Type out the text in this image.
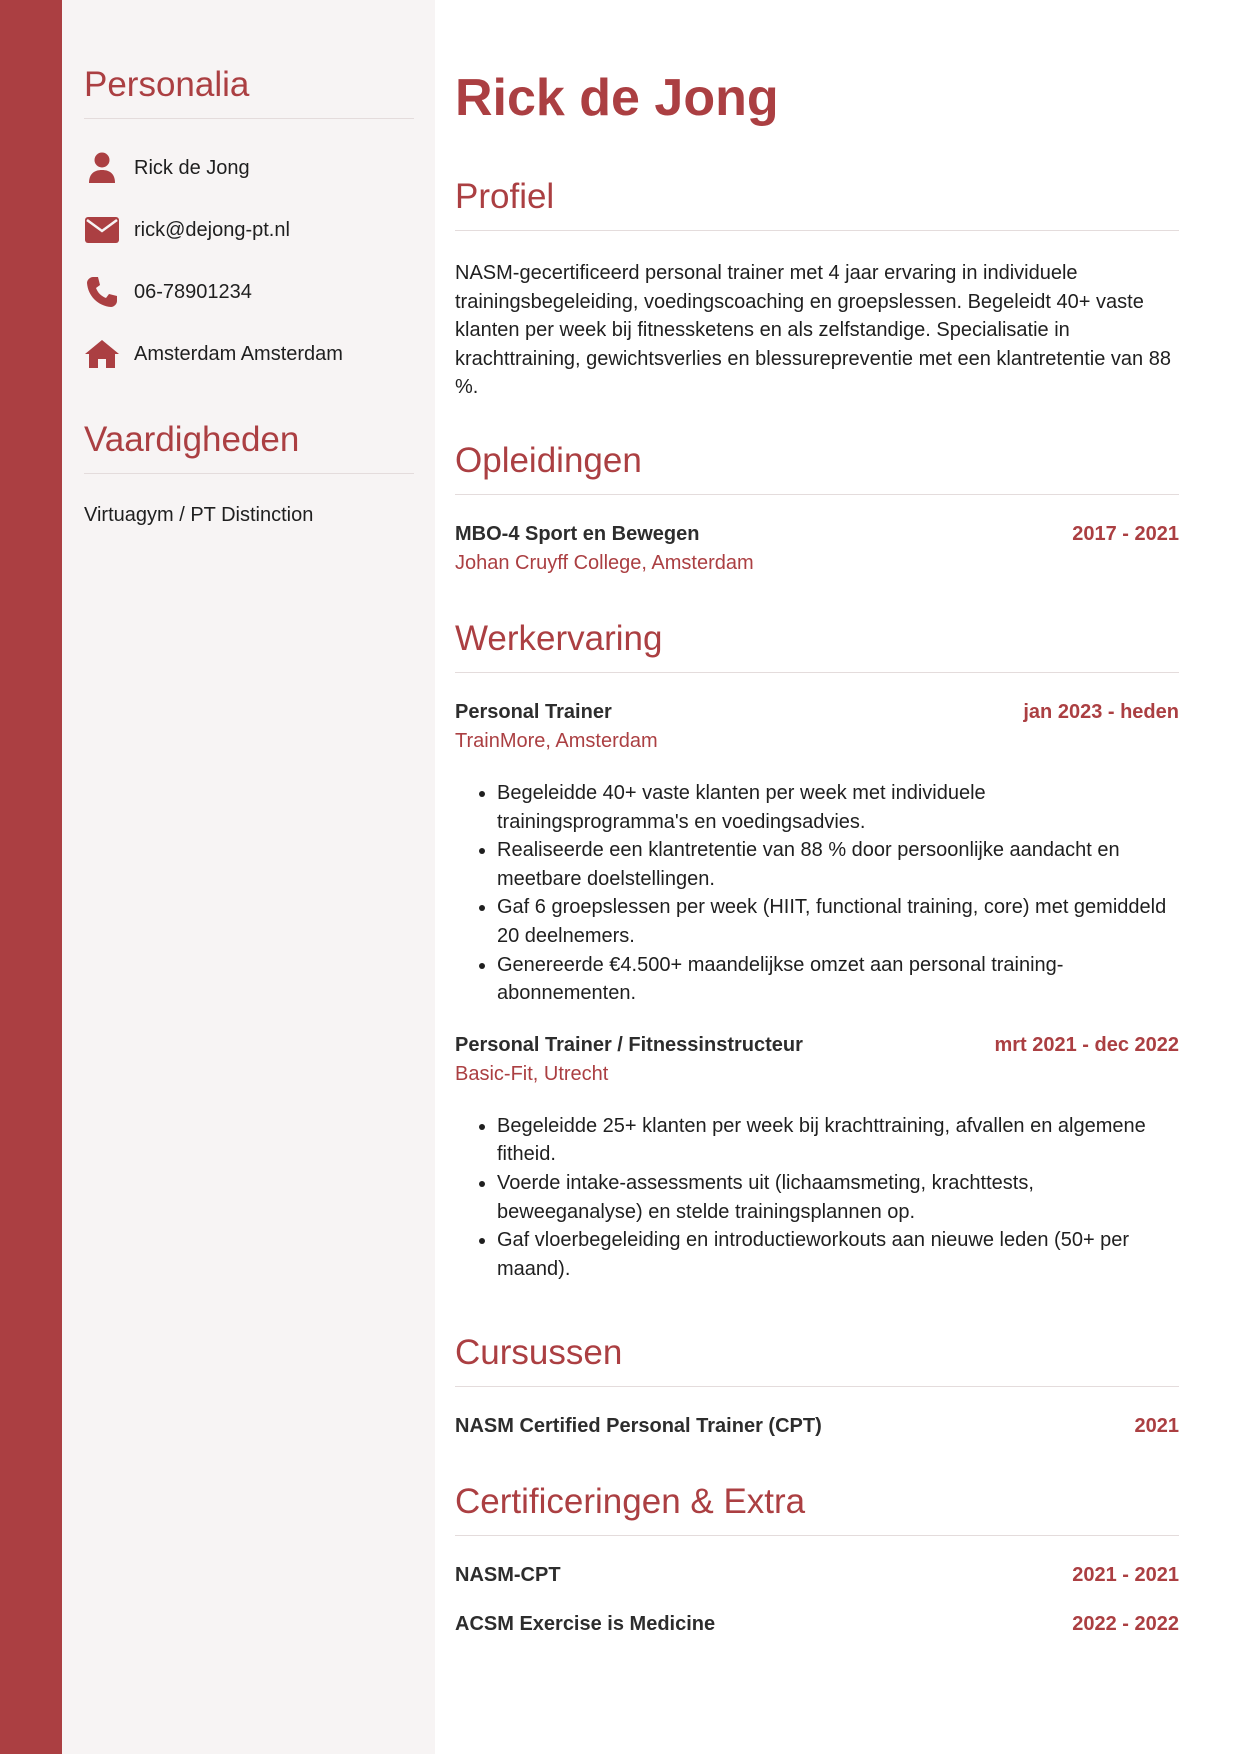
Personalia
Rick de Jong
rick@dejong-pt.nl
06-78901234
Amsterdam Amsterdam
Vaardigheden
Virtuagym / PT Distinction
Rick de Jong
Profiel
NASM-gecertificeerd personal trainer met 4 jaar ervaring in individuele trainingsbegeleiding, voedingscoaching en groepslessen. Begeleidt 40+ vaste klanten per week bij fitnessketens en als zelfstandige. Specialisatie in krachttraining, gewichtsverlies en blessurepreventie met een klantretentie van 88 %.
Opleidingen
MBO-4 Sport en Bewegen	2017 - 2021
Johan Cruyff College, Amsterdam
Werkervaring
Personal Trainer	jan 2023 - heden
TrainMore, Amsterdam
• Begeleidde 40+ vaste klanten per week met individuele trainingsprogramma's en voedingsadvies.
• Realiseerde een klantretentie van 88 % door persoonlijke aandacht en meetbare doelstellingen.
• Gaf 6 groepslessen per week (HIIT, functional training, core) met gemiddeld 20 deelnemers.
• Genereerde €4.500+ maandelijkse omzet aan personal training-abonnementen.
Personal Trainer / Fitnessinstructeur	mrt 2021 - dec 2022
Basic-Fit, Utrecht
• Begeleidde 25+ klanten per week bij krachttraining, afvallen en algemene fitheid.
• Voerde intake-assessments uit (lichaamsmeting, krachttests, beweeganalyse) en stelde trainingsplannen op.
• Gaf vloerbegeleiding en introductieworkouts aan nieuwe leden (50+ per maand).
Cursussen
NASM Certified Personal Trainer (CPT)	2021
Certificeringen & Extra
NASM-CPT	2021 - 2021
ACSM Exercise is Medicine	2022 - 2022
